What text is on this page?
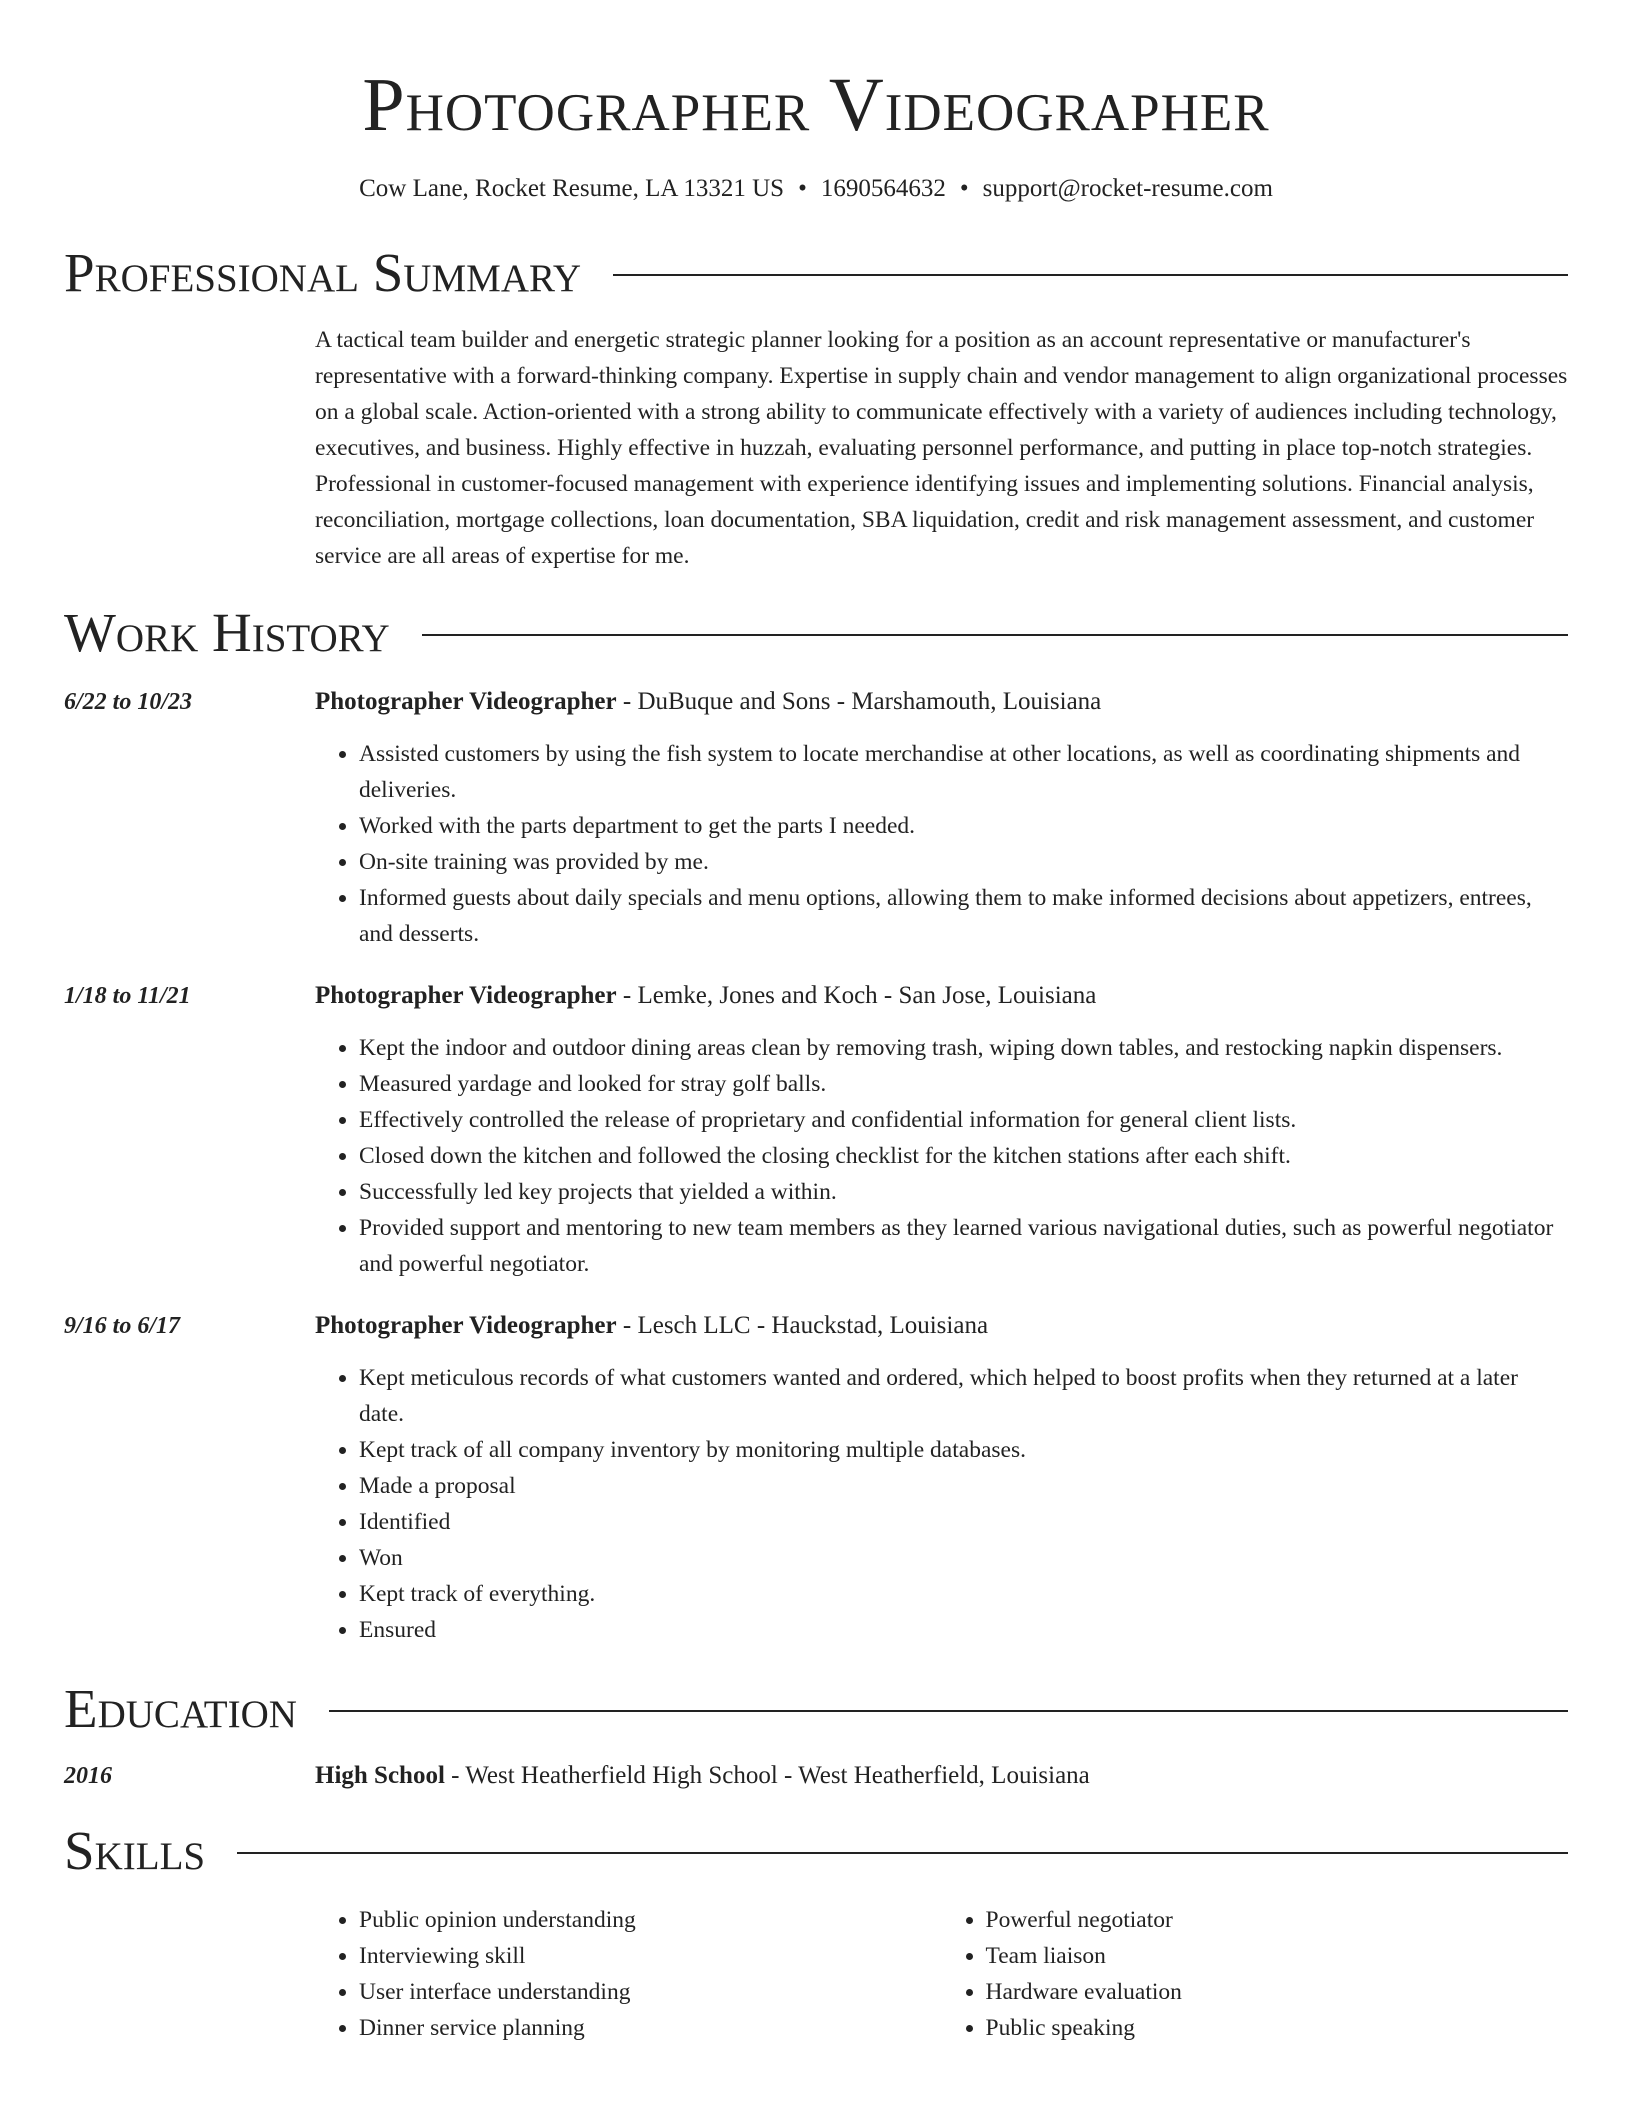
Photographer Videographer
Cow Lane, Rocket Resume, LA 13321 US • 1690564632 • support@rocket-resume.com
Professional Summary
A tactical team builder and energetic strategic planner looking for a position as an account representative or manufacturer's representative with a forward-thinking company. Expertise in supply chain and vendor management to align organizational processes on a global scale. Action-oriented with a strong ability to communicate effectively with a variety of audiences including technology, executives, and business. Highly effective in huzzah, evaluating personnel performance, and putting in place top-notch strategies. Professional in customer-focused management with experience identifying issues and implementing solutions. Financial analysis, reconciliation, mortgage collections, loan documentation, SBA liquidation, credit and risk management assessment, and customer service are all areas of expertise for me.
Work History
6/22 to 10/23	Photographer Videographer - DuBuque and Sons - Marshamouth, Louisiana
• Assisted customers by using the fish system to locate merchandise at other locations, as well as coordinating shipments and deliveries.
• Worked with the parts department to get the parts I needed.
• On-site training was provided by me.
• Informed guests about daily specials and menu options, allowing them to make informed decisions about appetizers, entrees, and desserts.
1/18 to 11/21	Photographer Videographer - Lemke, Jones and Koch - San Jose, Louisiana
• Kept the indoor and outdoor dining areas clean by removing trash, wiping down tables, and restocking napkin dispensers.
• Measured yardage and looked for stray golf balls.
• Effectively controlled the release of proprietary and confidential information for general client lists.
• Closed down the kitchen and followed the closing checklist for the kitchen stations after each shift.
• Successfully led key projects that yielded a within.
• Provided support and mentoring to new team members as they learned various navigational duties, such as powerful negotiator and powerful negotiator.
9/16 to 6/17	Photographer Videographer - Lesch LLC - Hauckstad, Louisiana
• Kept meticulous records of what customers wanted and ordered, which helped to boost profits when they returned at a later date.
• Kept track of all company inventory by monitoring multiple databases.
• Made a proposal
• Identified
• Won
• Kept track of everything.
• Ensured
Education
2016	High School - West Heatherfield High School - West Heatherfield, Louisiana
Skills
• Public opinion understanding
• Interviewing skill
• User interface understanding
• Dinner service planning
• Powerful negotiator
• Team liaison
• Hardware evaluation
• Public speaking
